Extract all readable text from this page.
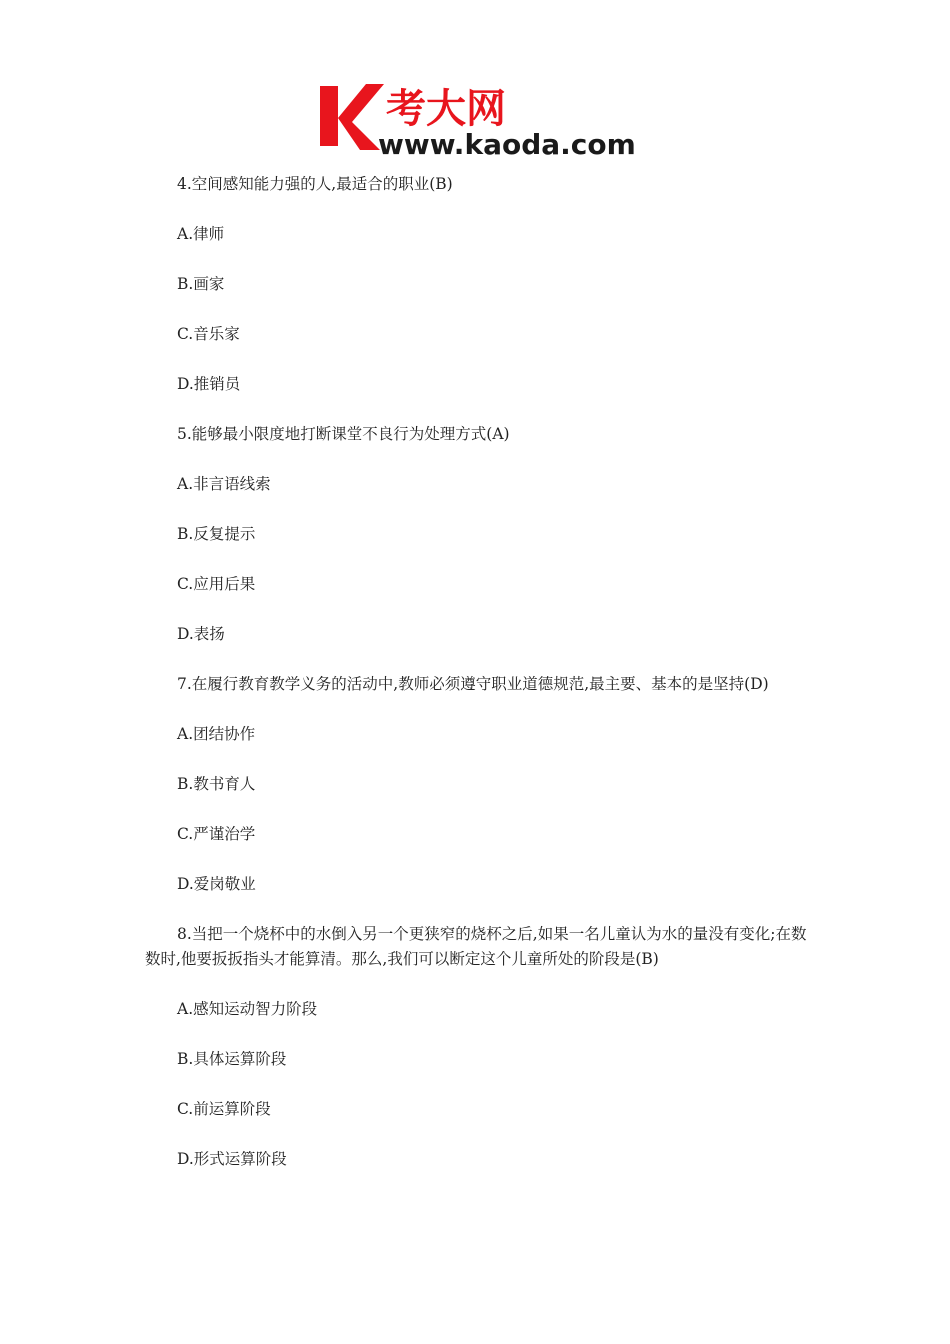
考大网
www.kaoda.com

4.空间感知能力强的人,最适合的职业(B)

A.律师

B.画家

C.音乐家

D.推销员

5.能够最小限度地打断课堂不良行为处理方式(A)

A.非言语线索

B.反复提示

C.应用后果

D.表扬

7.在履行教育教学义务的活动中,教师必须遵守职业道德规范,最主要、基本的是坚持(D)

A.团结协作

B.教书育人

C.严谨治学

D.爱岗敬业

8.当把一个烧杯中的水倒入另一个更狭窄的烧杯之后,如果一名儿童认为水的量没有变化;在数数时,他要扳扳指头才能算清。那么,我们可以断定这个儿童所处的阶段是(B)

A.感知运动智力阶段

B.具体运算阶段

C.前运算阶段

D.形式运算阶段
